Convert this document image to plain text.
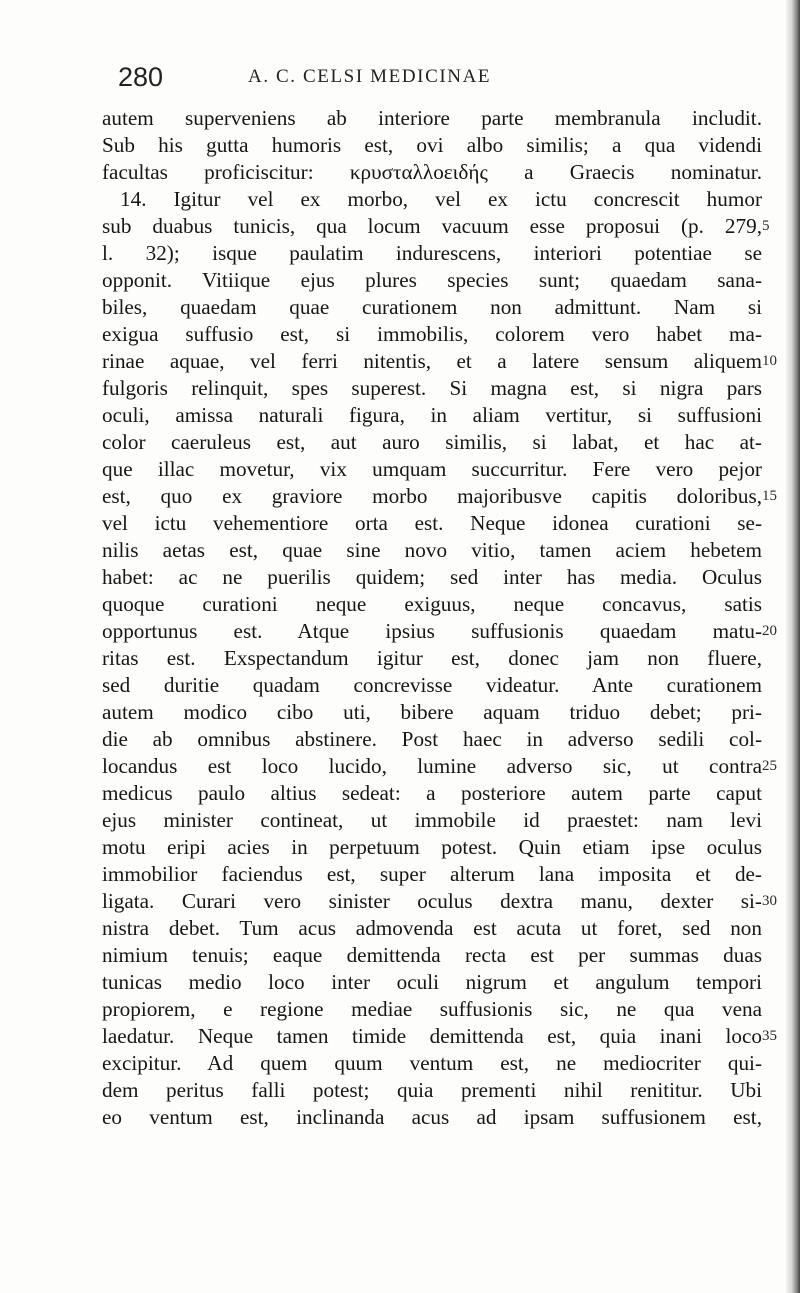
280	A. C. CELSI MEDICINAE
autem superveniens ab interiore parte membranula includit.
Sub his gutta humoris est, ovi albo similis; a qua videndi
facultas proficiscitur: κρυσταλλοειδής a Graecis nominatur.
14. Igitur vel ex morbo, vel ex ictu concrescit humor
sub duabus tunicis, qua locum vacuum esse proposui (p. 279,
l. 32); isque paulatim indurescens, interiori potentiae se
opponit. Vitiique ejus plures species sunt; quaedam sana-
biles, quaedam quae curationem non admittunt. Nam si
exigua suffusio est, si immobilis, colorem vero habet ma-
rinae aquae, vel ferri nitentis, et a latere sensum aliquem
fulgoris relinquit, spes superest. Si magna est, si nigra pars
oculi, amissa naturali figura, in aliam vertitur, si suffusioni
color caeruleus est, aut auro similis, si labat, et hac at-
que illac movetur, vix umquam succurritur. Fere vero pejor
est, quo ex graviore morbo majoribusve capitis doloribus,
vel ictu vehementiore orta est. Neque idonea curationi se-
nilis aetas est, quae sine novo vitio, tamen aciem hebetem
habet: ac ne puerilis quidem; sed inter has media. Oculus
quoque curationi neque exiguus, neque concavus, satis
opportunus est. Atque ipsius suffusionis quaedam matu-
ritas est. Exspectandum igitur est, donec jam non fluere,
sed duritie quadam concrevisse videatur. Ante curationem
autem modico cibo uti, bibere aquam triduo debet; pri-
die ab omnibus abstinere. Post haec in adverso sedili col-
locandus est loco lucido, lumine adverso sic, ut contra
medicus paulo altius sedeat: a posteriore autem parte caput
ejus minister contineat, ut immobile id praestet: nam levi
motu eripi acies in perpetuum potest. Quin etiam ipse oculus
immobilior faciendus est, super alterum lana imposita et de-
ligata. Curari vero sinister oculus dextra manu, dexter si-
nistra debet. Tum acus admovenda est acuta ut foret, sed non
nimium tenuis; eaque demittenda recta est per summas duas
tunicas medio loco inter oculi nigrum et angulum tempori
propiorem, e regione mediae suffusionis sic, ne qua vena
laedatur. Neque tamen timide demittenda est, quia inani loco
excipitur. Ad quem quum ventum est, ne mediocriter qui-
dem peritus falli potest; quia prementi nihil renititur. Ubi
eo ventum est, inclinanda acus ad ipsam suffusionem est,
5
10
15
20
25
30
35
